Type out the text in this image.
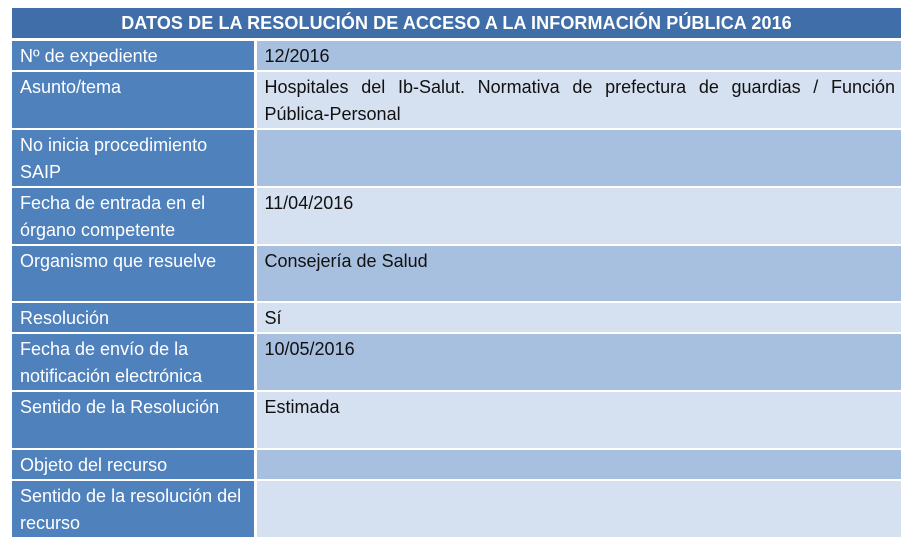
DATOS DE LA RESOLUCIÓN DE ACCESO A LA INFORMACIÓN PÚBLICA 2016
Nº de expediente	12/2016
Asunto/tema	Hospitales del Ib-Salut. Normativa de prefectura de guardias / Función Pública-Personal
No inicia procedimiento SAIP	
Fecha de entrada en el órgano competente	11/04/2016
Organismo que resuelve	Consejería de Salud
Resolución	Sí
Fecha de envío de la notificación electrónica	10/05/2016
Sentido de la Resolución	Estimada
Objeto del recurso	
Sentido de la resolución del recurso	
